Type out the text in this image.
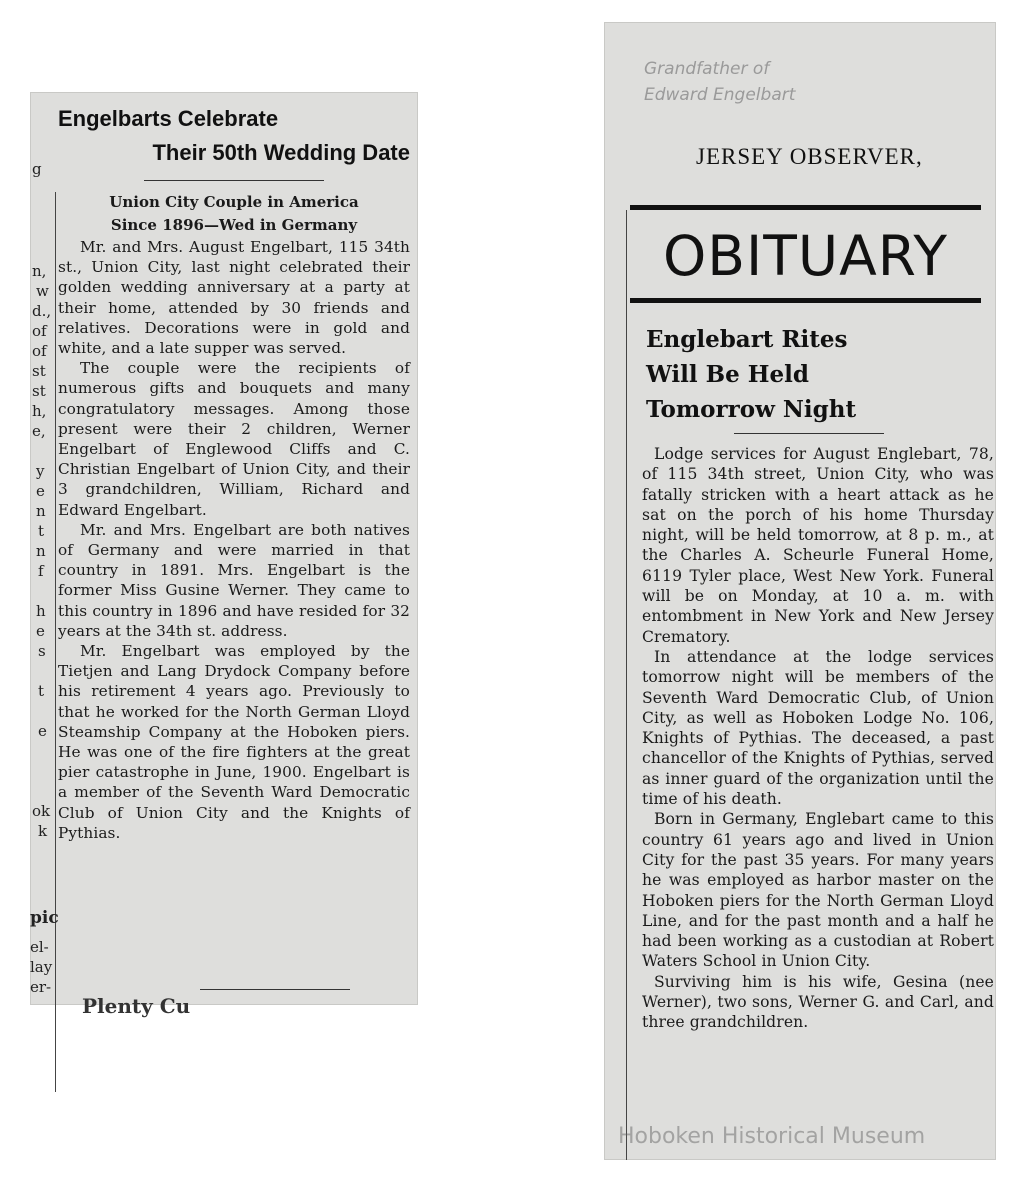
g
n,
w
d.,
of
of
st
st
h,
e,
y
e
n
t
n
f
h
e
s
t
e
ok
k
pic
el-
lay
er-
Engelbarts Celebrate
Their 50th Wedding Date

Union City Couple in America
Since 1896—Wed in Germany

Mr. and Mrs. August Engelbart, 115 34th st., Union City, last night celebrated their golden wedding anniversary at a party at their home, attended by 30 friends and relatives. Decorations were in gold and white, and a late supper was served.

The couple were the recipients of numerous gifts and bouquets and many congratulatory messages. Among those present were their 2 children, Werner Engelbart of Englewood Cliffs and C. Christian Engelbart of Union City, and their 3 grandchildren, William, Richard and Edward Engelbart.

Mr. and Mrs. Engelbart are both natives of Germany and were married in that country in 1891. Mrs. Engelbart is the former Miss Gusine Werner. They came to this country in 1896 and have resided for 32 years at the 34th st. address.

Mr. Engelbart was employed by the Tietjen and Lang Drydock Company before his retirement 4 years ago. Previously to that he worked for the North German Lloyd Steamship Company at the Hoboken piers. He was one of the fire fighters at the great pier catastrophe in June, 1900. Engelbart is a member of the Seventh Ward Democratic Club of Union City and the Knights of Pythias.

Plenty Cu
Grandfather of
Edward Engelbart
JERSEY OBSERVER,
OBITUARY
Englebart Rites
Will Be Held
Tomorrow Night

Lodge services for August Englebart, 78, of 115 34th street, Union City, who was fatally stricken with a heart attack as he sat on the porch of his home Thursday night, will be held tomorrow, at 8 p. m., at the Charles A. Scheurle Funeral Home, 6119 Tyler place, West New York. Funeral will be on Monday, at 10 a. m. with entombment in New York and New Jersey Crematory.

In attendance at the lodge services tomorrow night will be members of the Seventh Ward Democratic Club, of Union City, as well as Hoboken Lodge No. 106, Knights of Pythias. The deceased, a past chancellor of the Knights of Pythias, served as inner guard of the organization until the time of his death.

Born in Germany, Englebart came to this country 61 years ago and lived in Union City for the past 35 years. For many years he was employed as harbor master on the Hoboken piers for the North German Lloyd Line, and for the past month and a half he had been working as a custodian at Robert Waters School in Union City.

Surviving him is his wife, Gesina (nee Werner), two sons, Werner G. and Carl, and three grandchildren.

Hoboken Historical Museum
